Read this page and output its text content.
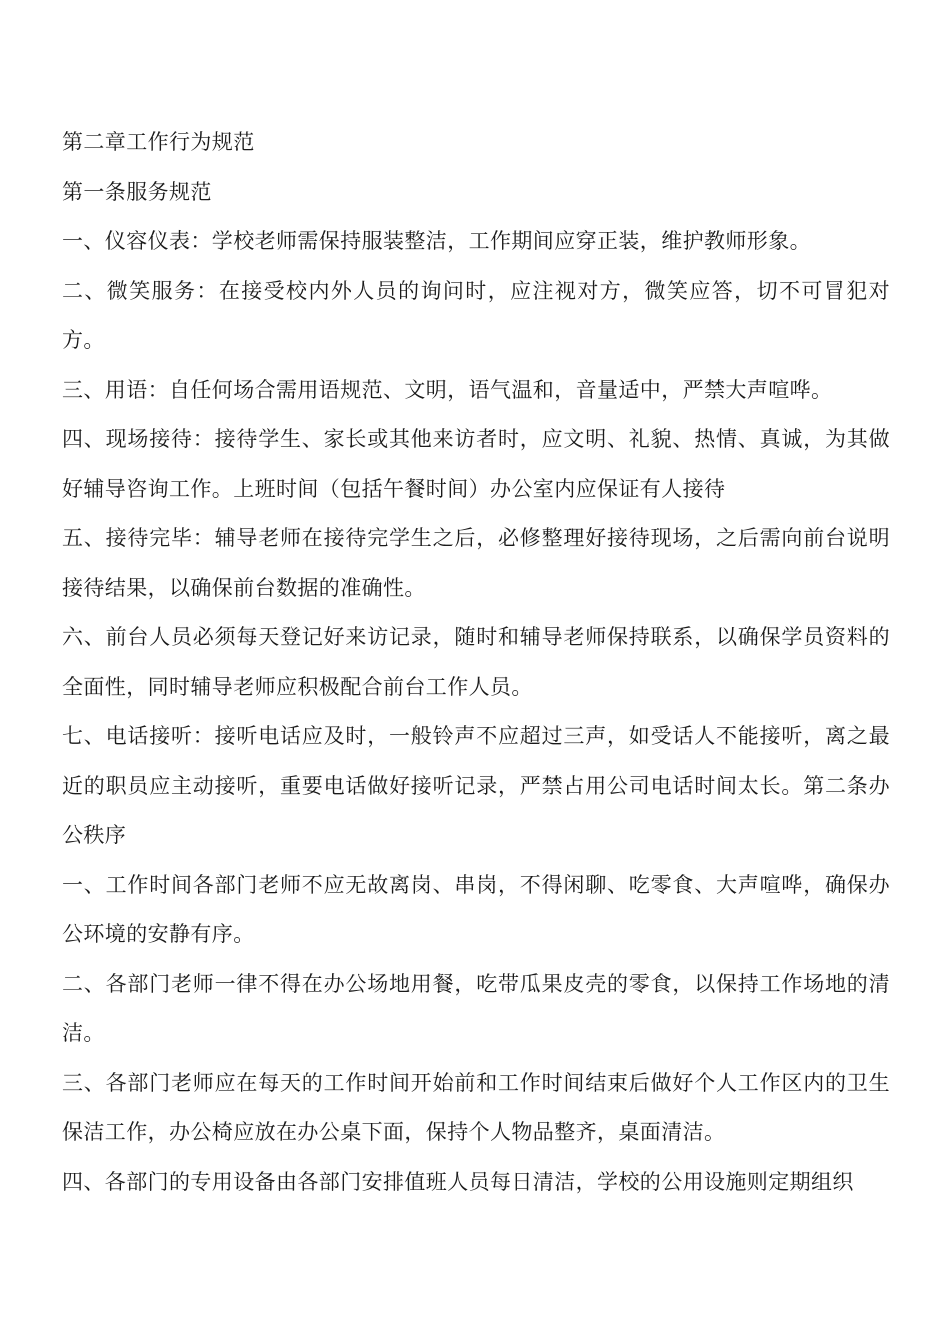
第二章工作行为规范

第一条服务规范

一、仪容仪表：学校老师需保持服装整洁，工作期间应穿正装，维护教师形象。

二、微笑服务：在接受校内外人员的询问时，应注视对方，微笑应答，切不可冒犯对方。

三、用语：自任何场合需用语规范、文明，语气温和，音量适中，严禁大声喧哗。

四、现场接待：接待学生、家长或其他来访者时，应文明、礼貌、热情、真诚，为其做好辅导咨询工作。上班时间（包括午餐时间）办公室内应保证有人接待

五、接待完毕：辅导老师在接待完学生之后，必修整理好接待现场，之后需向前台说明接待结果，以确保前台数据的准确性。

六、前台人员必须每天登记好来访记录，随时和辅导老师保持联系，以确保学员资料的全面性，同时辅导老师应积极配合前台工作人员。

七、电话接听：接听电话应及时，一般铃声不应超过三声，如受话人不能接听，离之最近的职员应主动接听，重要电话做好接听记录，严禁占用公司电话时间太长。第二条办公秩序

一、工作时间各部门老师不应无故离岗、串岗，不得闲聊、吃零食、大声喧哗，确保办公环境的安静有序。

二、各部门老师一律不得在办公场地用餐，吃带瓜果皮壳的零食，以保持工作场地的清洁。

三、各部门老师应在每天的工作时间开始前和工作时间结束后做好个人工作区内的卫生保洁工作，办公椅应放在办公桌下面，保持个人物品整齐，桌面清洁。

四、各部门的专用设备由各部门安排值班人员每日清洁，学校的公用设施则定期组织
